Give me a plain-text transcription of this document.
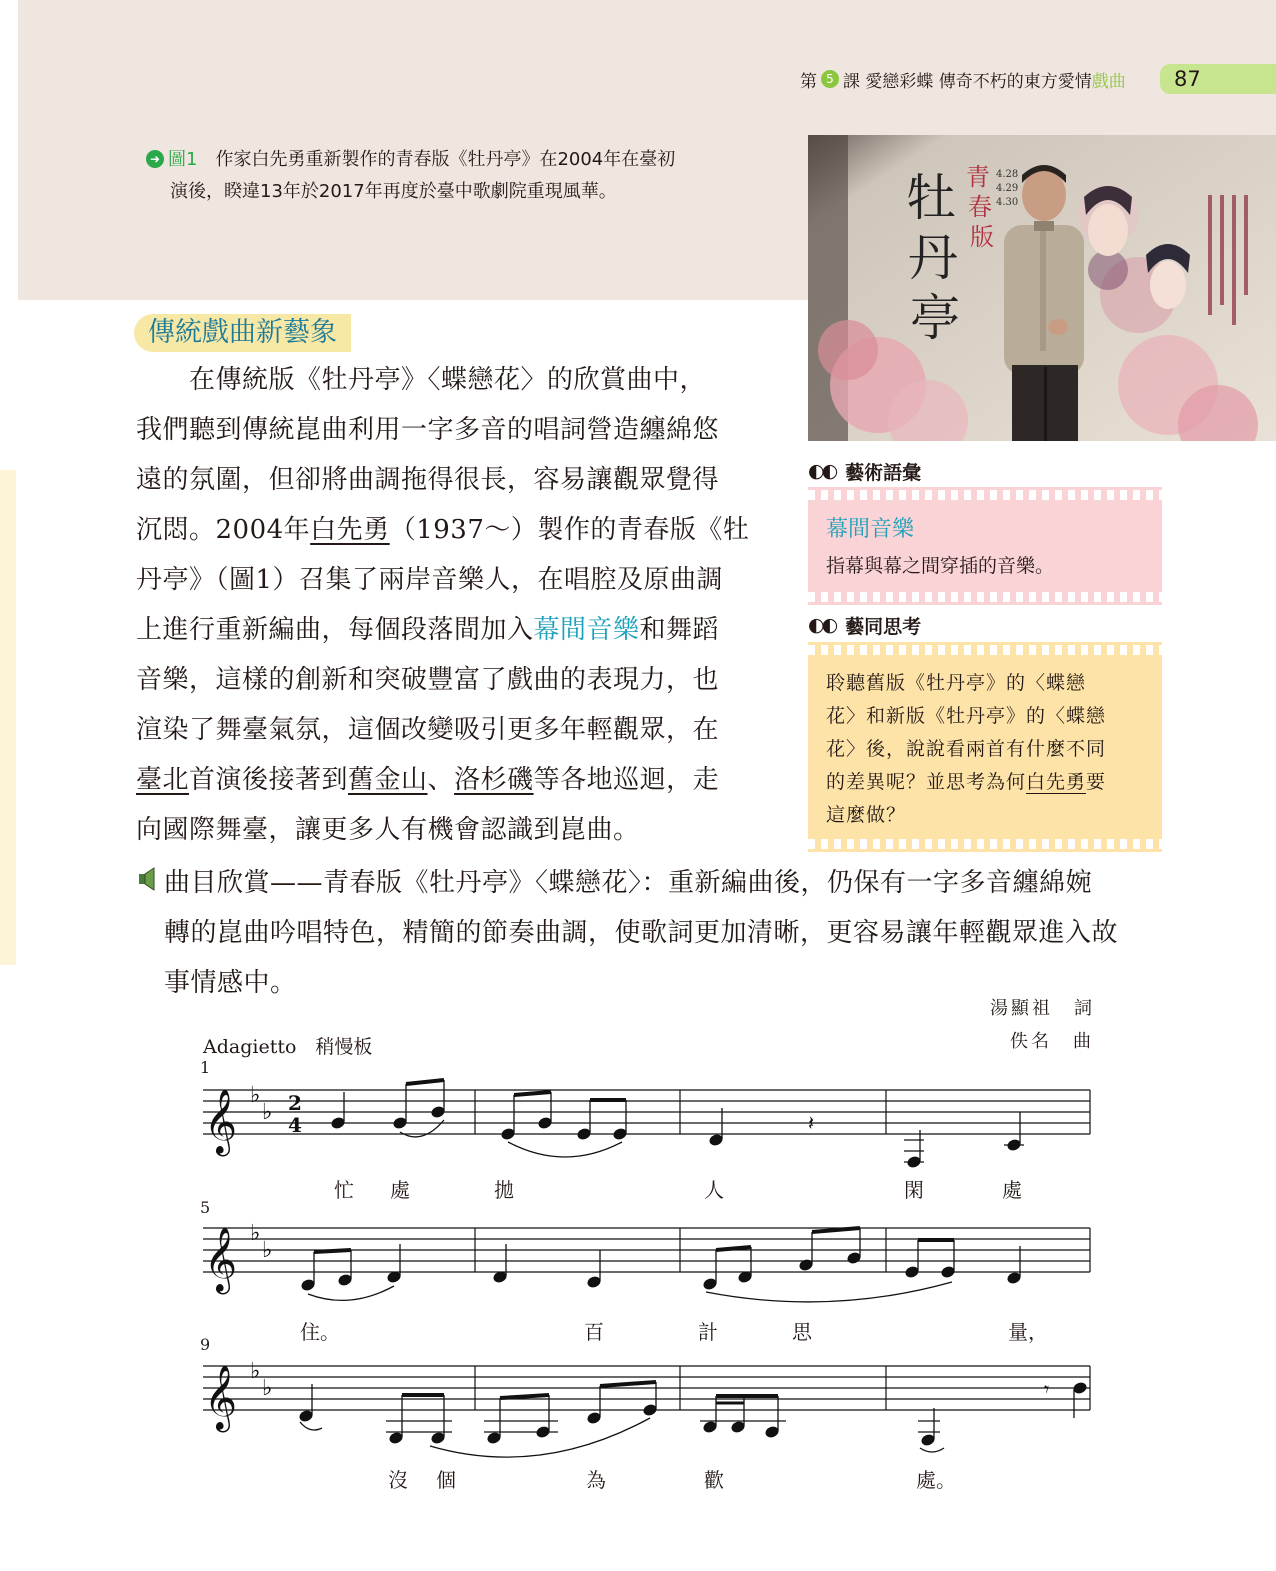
第 5 課 愛戀彩蝶 傳奇不朽的東方愛情 戲曲	87
➜ 圖1 作家白先勇重新製作的青春版《牡丹亭》在2004年在臺初
演後，睽違13年於2017年再度於臺中歌劇院重現風華。	牡
丹
亭
青
春
版
4.28
4.29
4.30
傳統戲曲新藝象
　　在傳統版《牡丹亭》〈蝶戀花〉的欣賞曲中，
我們聽到傳統崑曲利用一字多音的唱詞營造纏綿悠
遠的氛圍，但卻將曲調拖得很長，容易讓觀眾覺得
沉悶。2004年白先勇（1937～）製作的青春版《牡
丹亭》（圖1）召集了兩岸音樂人，在唱腔及原曲調
上進行重新編曲，每個段落間加入幕間音樂和舞蹈
音樂，這樣的創新和突破豐富了戲曲的表現力，也
渲染了舞臺氣氛，這個改變吸引更多年輕觀眾，在
臺北首演後接著到舊金山、洛杉磯等各地巡迴，走
向國際舞臺，讓更多人有機會認識到崑曲。
◐◐ 藝術語彙
幕間音樂
指幕與幕之間穿插的音樂。
◐◐ 藝同思考
聆聽舊版《牡丹亭》的〈蝶戀
花〉和新版《牡丹亭》的〈蝶戀
花〉後，說說看兩首有什麼不同
的差異呢？並思考為何白先勇要
這麼做？
曲目欣賞——青春版《牡丹亭》〈蝶戀花〉：重新編曲後，仍保有一字多音纏綿婉
轉的崑曲吟唱特色，精簡的節奏曲調，使歌詞更加清晰，更容易讓年輕觀眾進入故
事情感中。
湯顯祖　詞
佚名　曲
Adagietto　稍慢板
1
5
9
𝄞
𝄞
𝄞
♭
♭
♭
♭
♭
♭
2
4	𝄽
𝄾
忙 處	拋	人	閑	處
住。	百	計	思	量，
沒 個	為	歡	處。
